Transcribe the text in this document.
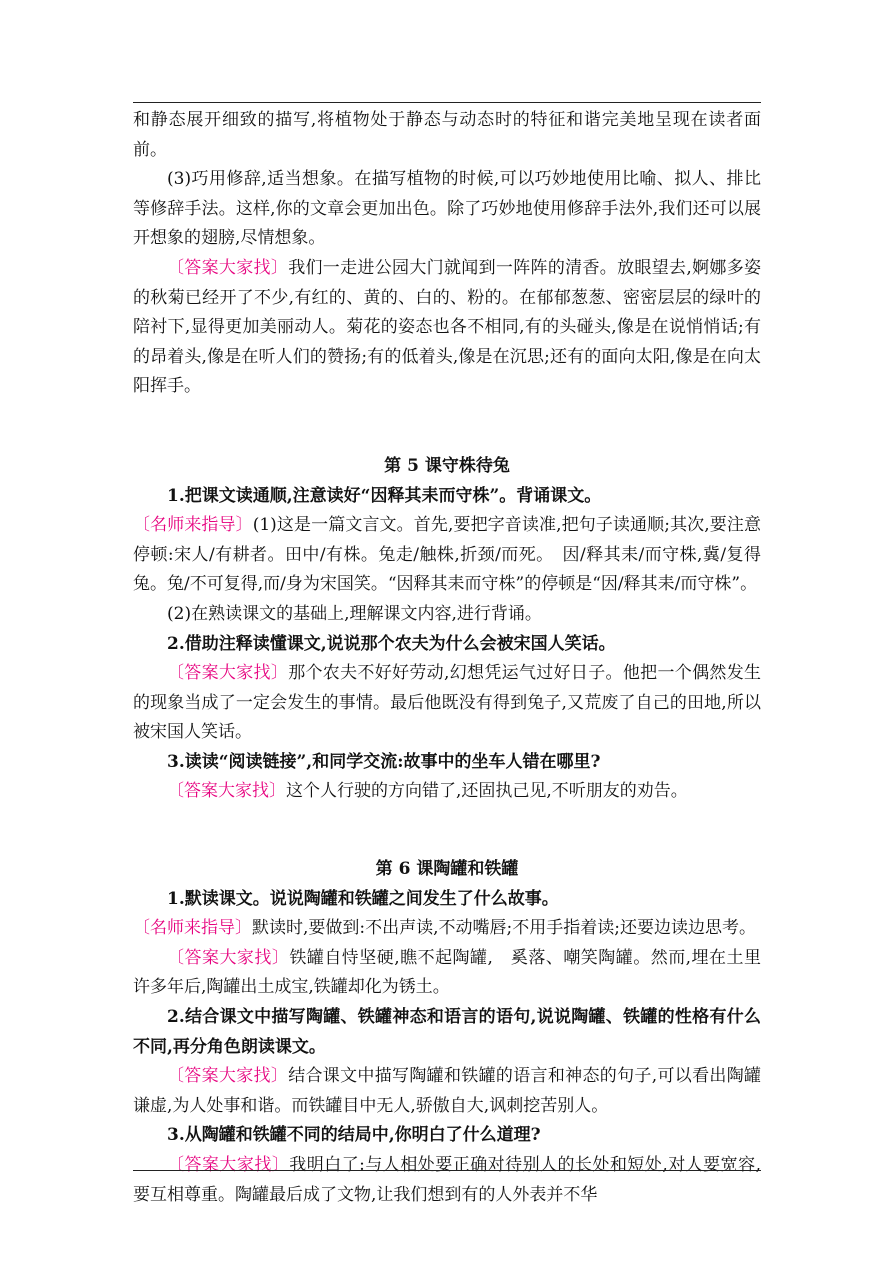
和静态展开细致的描写,将植物处于静态与动态时的特征和谐完美地呈现在读者面前。

(3)巧用修辞,适当想象。在描写植物的时候,可以巧妙地使用比喻、拟人、排比等修辞手法。这样,你的文章会更加出色。除了巧妙地使用修辞手法外,我们还可以展开想象的翅膀,尽情想象。

〔答案大家找〕我们一走进公园大门就闻到一阵阵的清香。放眼望去,婀娜多姿的秋菊已经开了不少,有红的、黄的、白的、粉的。在郁郁葱葱、密密层层的绿叶的陪衬下,显得更加美丽动人。菊花的姿态也各不相同,有的头碰头,像是在说悄悄话;有的昂着头,像是在听人们的赞扬;有的低着头,像是在沉思;还有的面向太阳,像是在向太阳挥手。

第 5 课守株待兔

1.把课文读通顺,注意读好“因释其耒而守株”。背诵课文。

〔名师来指导〕(1)这是一篇文言文。首先,要把字音读准,把句子读通顺;其次,要注意停顿:宋人/有耕者。田中/有株。兔走/触株,折颈/而死。　因/释其耒/而守株,冀/复得兔。兔/不可复得,而/身为宋国笑。“因释其耒而守株”的停顿是“因/释其耒/而守株”。

(2)在熟读课文的基础上,理解课文内容,进行背诵。

2.借助注释读懂课文,说说那个农夫为什么会被宋国人笑话。

〔答案大家找〕那个农夫不好好劳动,幻想凭运气过好日子。他把一个偶然发生的现象当成了一定会发生的事情。最后他既没有得到兔子,又荒废了自己的田地,所以被宋国人笑话。

3.读读“阅读链接”,和同学交流:故事中的坐车人错在哪里?

〔答案大家找〕这个人行驶的方向错了,还固执己见,不听朋友的劝告。

第 6 课陶罐和铁罐

1.默读课文。说说陶罐和铁罐之间发生了什么故事。

〔名师来指导〕默读时,要做到:不出声读,不动嘴唇;不用手指着读;还要边读边思考。

〔答案大家找〕铁罐自恃坚硬,瞧不起陶罐,　奚落、嘲笑陶罐。然而,埋在土里许多年后,陶罐出土成宝,铁罐却化为锈土。

2.结合课文中描写陶罐、铁罐神态和语言的语句,说说陶罐、铁罐的性格有什么不同,再分角色朗读课文。

〔答案大家找〕结合课文中描写陶罐和铁罐的语言和神态的句子,可以看出陶罐谦虚,为人处事和谐。而铁罐目中无人,骄傲自大,讽刺挖苦别人。

3.从陶罐和铁罐不同的结局中,你明白了什么道理?

〔答案大家找〕我明白了:与人相处要正确对待别人的长处和短处,对人要宽容,要互相尊重。陶罐最后成了文物,让我们想到有的人外表并不华
